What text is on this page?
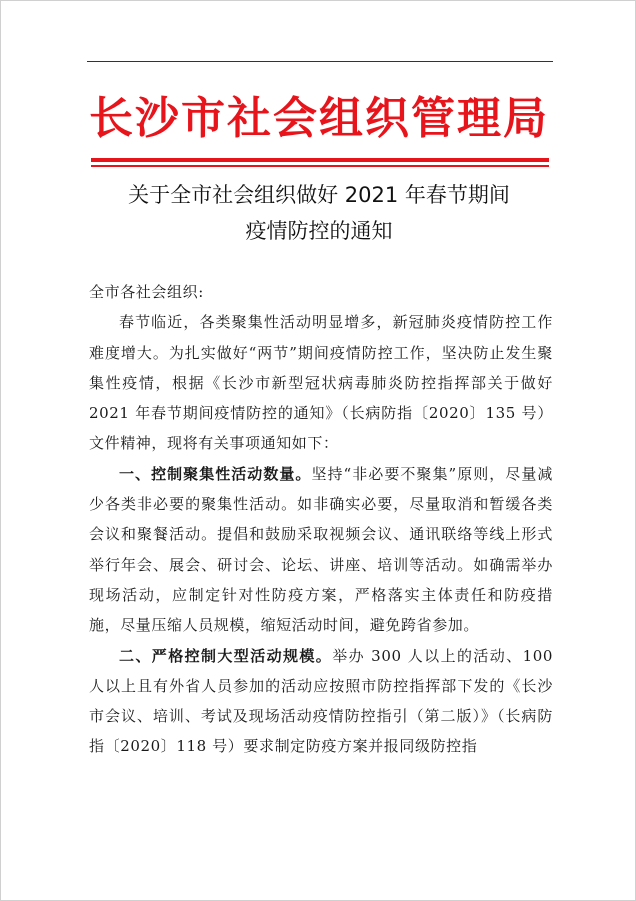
长沙市社会组织管理局
关于全市社会组织做好 2021 年春节期间
疫情防控的通知

全市各社会组织:

春节临近，各类聚集性活动明显增多，新冠肺炎疫情防控工作难度增大。为扎实做好“两节”期间疫情防控工作，坚决防止发生聚集性疫情，根据《长沙市新型冠状病毒肺炎防控指挥部关于做好 2021 年春节期间疫情防控的通知》（长病防指〔2020〕135 号）文件精神，现将有关事项通知如下：

一、控制聚集性活动数量。坚持“非必要不聚集”原则，尽量减少各类非必要的聚集性活动。如非确实必要，尽量取消和暂缓各类会议和聚餐活动。提倡和鼓励采取视频会议、通讯联络等线上形式举行年会、展会、研讨会、论坛、讲座、培训等活动。如确需举办现场活动，应制定针对性防疫方案，严格落实主体责任和防疫措施，尽量压缩人员规模，缩短活动时间，避免跨省参加。

二、严格控制大型活动规模。举办 300 人以上的活动、100 人以上且有外省人员参加的活动应按照市防控指挥部下发的《长沙市会议、培训、考试及现场活动疫情防控指引（第二版）》（长病防指〔2020〕118 号）要求制定防疫方案并报同级防控指
